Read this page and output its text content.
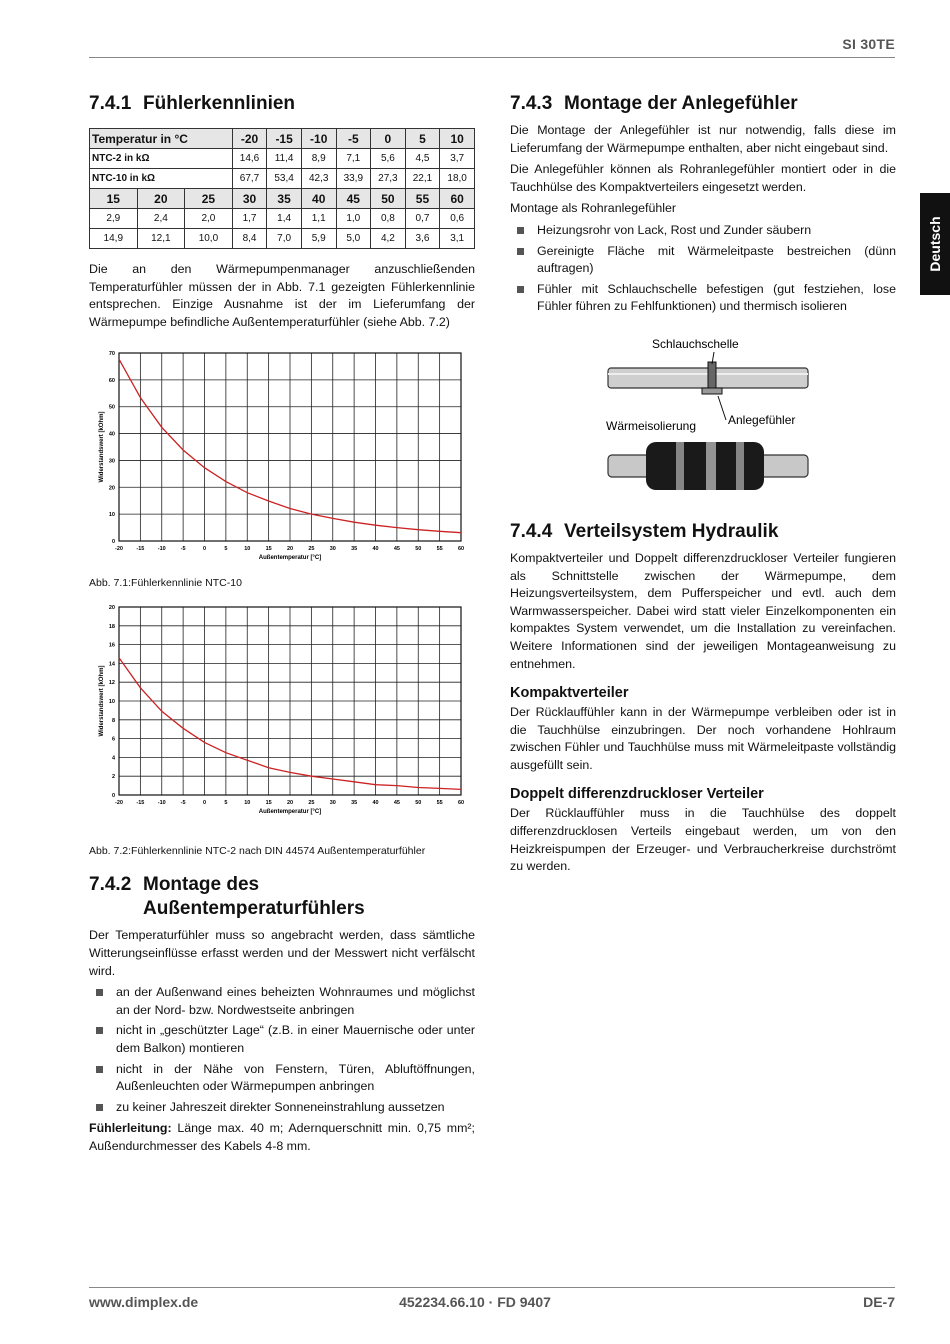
SI 30TE
Deutsch
7.4.1 Fühlerkennlinien
Temperatur in °C			-20	-15	-10	-5	0	5	10
NTC-2 in kΩ			14,6	11,4	8,9	7,1	5,6	4,5	3,7
NTC-10 in kΩ			67,7	53,4	42,3	33,9	27,3	22,1	18,0
15	20	25	30	35	40	45	50	55	60
2,9	2,4	2,0	1,7	1,4	1,1	1,0	0,8	0,7	0,6
14,9	12,1	10,0	8,4	7,0	5,9	5,0	4,2	3,6	3,1

Die an den Wärmepumpenmanager anzuschließenden Temperaturfühler müssen der in Abb. 7.1 gezeigten Fühlerkennlinie entsprechen. Einzige Ausnahme ist der im Lieferumfang der Wärmepumpe befindliche Außentemperaturfühler (siehe Abb. 7.2)

-20 -15 -10	-5	0	5	10	15	20	25	30	35	40	45	50	55	60
0
10
20
30
40
50
60
70
Außentemperatur [°C]
Widerstandswert [kOhm]
Abb. 7.1:Fühlerkennlinie NTC-10
-20 -15 -10	-5	0	5	10	15	20	25	30	35	40	45	50	55	60
0
2
4
6
8
10
12
14
16
18
20
Außentemperatur [°C]
Widerstandswert [kOhm]
Abb. 7.2:Fühlerkennlinie NTC-2 nach DIN 44574 Außentemperaturfühler
7.4.2 Montage des
Außentemperaturfühlers

Der Temperaturfühler muss so angebracht werden, dass sämtliche Witterungseinflüsse erfasst werden und der Messwert nicht verfälscht wird.

an der Außenwand eines beheizten Wohnraumes und möglichst an der Nord- bzw. Nordwestseite anbringen
nicht in „geschützter Lage“ (z.B. in einer Mauernische oder unter dem Balkon) montieren
nicht in der Nähe von Fenstern, Türen, Abluftöffnungen, Außenleuchten oder Wärmepumpen anbringen
zu keiner Jahreszeit direkter Sonneneinstrahlung aussetzen

Fühlerleitung: Länge max. 40 m; Adernquerschnitt min. 0,75 mm²; Außendurchmesser des Kabels 4-8 mm.

7.4.3 Montage der Anlegefühler

Die Montage der Anlegefühler ist nur notwendig, falls diese im Lieferumfang der Wärmepumpe enthalten, aber nicht eingebaut sind.

Die Anlegefühler können als Rohranlegefühler montiert oder in die Tauchhülse des Kompaktverteilers eingesetzt werden.

Montage als Rohranlegefühler

Heizungsrohr von Lack, Rost und Zunder säubern
Gereinigte Fläche mit Wärmeleitpaste bestreichen (dünn auftragen)
Fühler mit Schlauchschelle befestigen (gut festziehen, lose Fühler führen zu Fehlfunktionen) und thermisch isolieren
Schlauchschelle
Anlegefühler
Wärmeisolierung
7.4.4 Verteilsystem Hydraulik

Kompaktverteiler und Doppelt differenzdruckloser Verteiler fungieren als Schnittstelle zwischen der Wärmepumpe, dem Heizungsverteilsystem, dem Pufferspeicher und evtl. auch dem Warmwasserspeicher. Dabei wird statt vieler Einzelkomponenten ein kompaktes System verwendet, um die Installation zu vereinfachen. Weitere Informationen sind der jeweiligen Montageanweisung zu entnehmen.

Kompaktverteiler

Der Rücklauffühler kann in der Wärmepumpe verbleiben oder ist in die Tauchhülse einzubringen. Der noch vorhandene Hohlraum zwischen Fühler und Tauchhülse muss mit Wärmeleitpaste vollständig ausgefüllt sein.

Doppelt differenzdruckloser Verteiler

Der Rücklauffühler muss in die Tauchhülse des doppelt differenzdrucklosen Verteils eingebaut werden, um von den Heizkreispumpen der Erzeuger- und Verbraucherkreise durchströmt zu werden.

www.dimplex.de	452234.66.10 · FD 9407	DE-7
